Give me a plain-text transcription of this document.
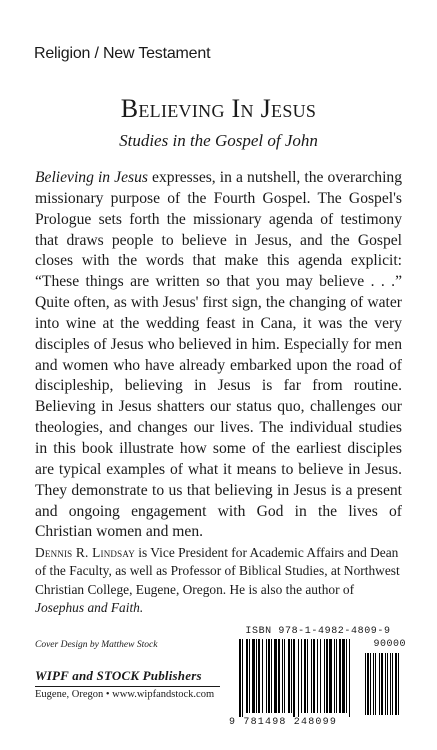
Religion / New Testament
Believing In Jesus
Studies in the Gospel of John
Believing in Jesus expresses, in a nutshell, the overarching missionary purpose of the Fourth Gospel. The Gospel's Prologue sets forth the missionary agenda of testimony that draws people to believe in Jesus, and the Gospel closes with the words that make this agenda explicit: “These things are written so that you may believe . . .” Quite often, as with Jesus' first sign, the changing of water into wine at the wedding feast in Cana, it was the very disciples of Jesus who believed in him. Especially for men and women who have already embarked upon the road of discipleship, believing in Jesus is far from routine. Believing in Jesus shatters our status quo, challenges our theologies, and changes our lives. The individual studies in this book illustrate how some of the earliest disciples are typical examples of what it means to believe in Jesus. They demonstrate to us that believing in Jesus is a present and ongoing engagement with God in the lives of Christian women and men.
Dennis R. Lindsay is Vice President for Academic Affairs and Dean of the Faculty, as well as Professor of Biblical Studies, at Northwest Christian College, Eugene, Oregon. He is also the author of Josephus and Faith.
Cover Design by Matthew Stock
WIPF and STOCK Publishers
Eugene, Oregon • www.wipfandstock.com
ISBN 978-1-4982-4809-9
90000
9 781498 248099
